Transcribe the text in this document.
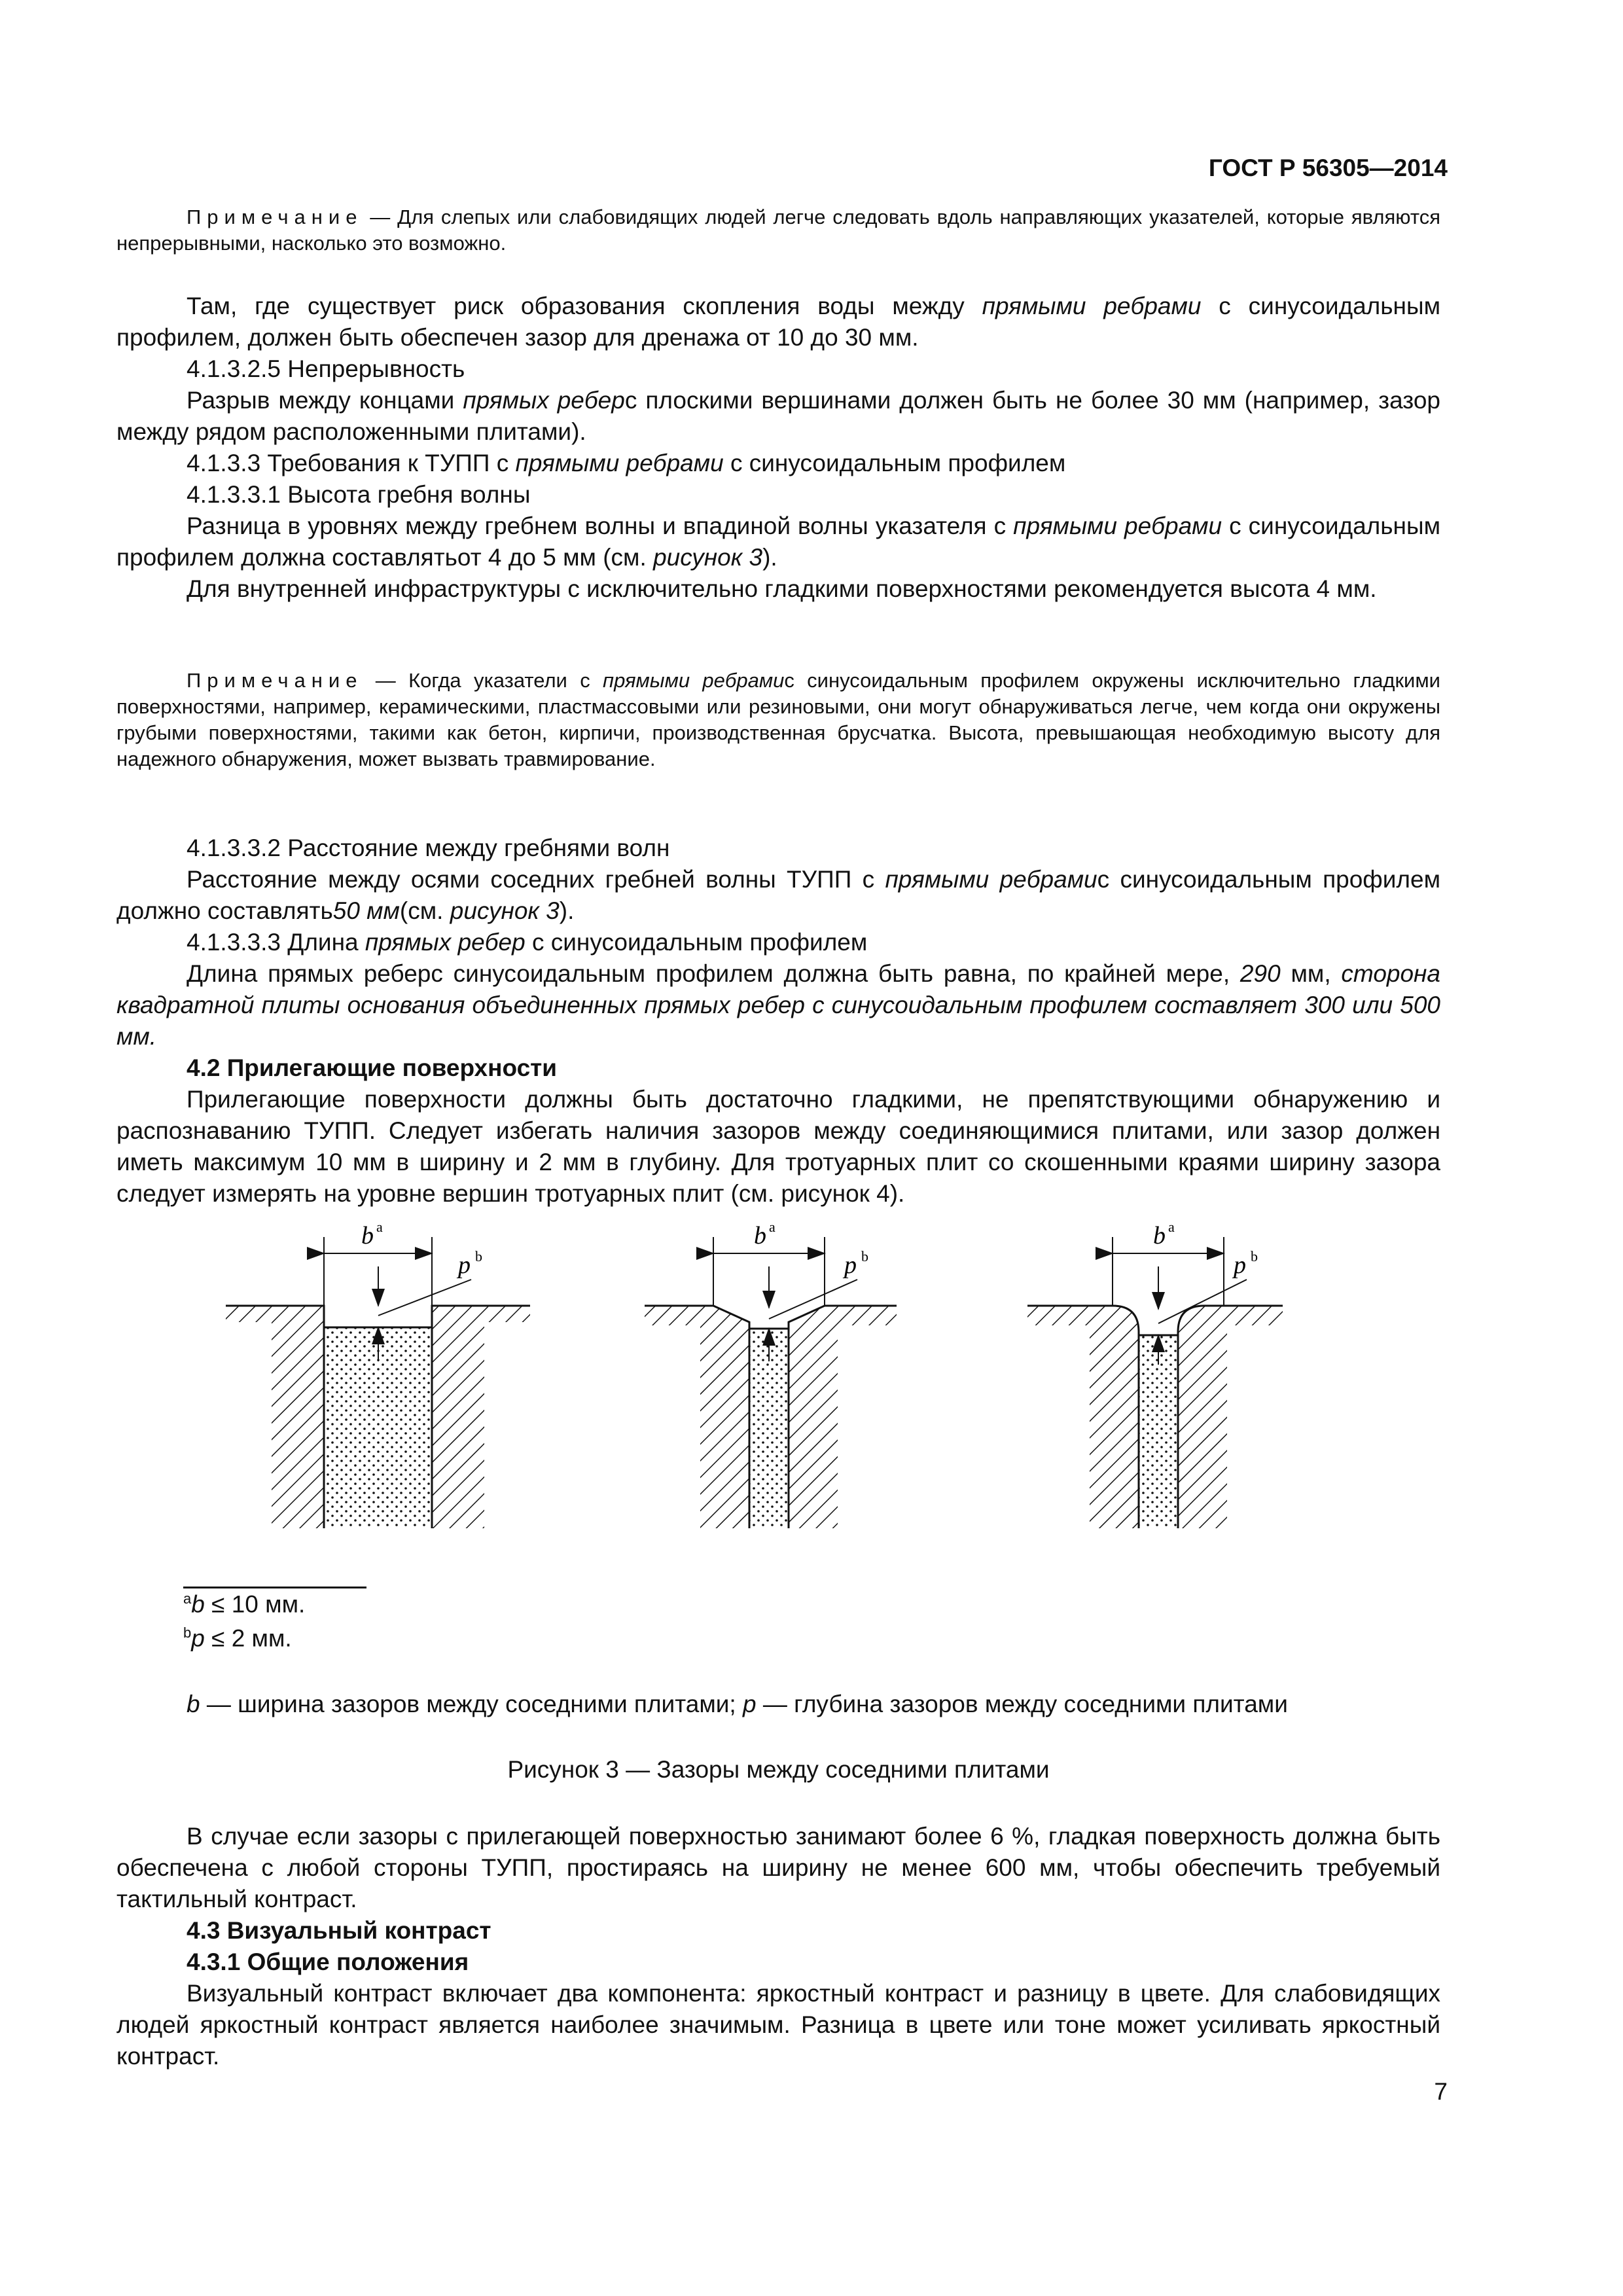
ГОСТ Р 56305—2014

Примечание — Для слепых или слабовидящих людей легче следовать вдоль направляющих указателей, которые являются непрерывными, насколько это возможно.

Там, где существует риск образования скопления воды между прямыми ребрами с синусоидальным профилем, должен быть обеспечен зазор для дренажа от 10 до 30 мм.

4.1.3.2.5 Непрерывность

Разрыв между концами прямых реберс плоскими вершинами должен быть не более 30 мм (например, зазор между рядом расположенными плитами).

4.1.3.3 Требования к ТУПП с прямыми ребрами с синусоидальным профилем

4.1.3.3.1 Высота гребня волны

Разница в уровнях между гребнем волны и впадиной волны указателя с прямыми ребрами с синусоидальным профилем должна составлятьот 4 до 5 мм (см. рисунок 3).

Для внутренней инфраструктуры с исключительно гладкими поверхностями рекомендуется высота 4 мм.

Примечание — Когда указатели с прямыми ребрамис синусоидальным профилем окружены исключительно гладкими поверхностями, например, керамическими, пластмассовыми или резиновыми, они могут обнаруживаться легче, чем когда они окружены грубыми поверхностями, такими как бетон, кирпичи, производственная брусчатка. Высота, превышающая необходимую высоту для надежного обнаружения, может вызвать травмирование.

4.1.3.3.2 Расстояние между гребнями волн

Расстояние между осями соседних гребней волны ТУПП с прямыми ребрамис синусоидальным профилем должно составлять50 мм(см. рисунок 3).

4.1.3.3.3 Длина прямых ребер с синусоидальным профилем

Длина прямых реберс синусоидальным профилем должна быть равна, по крайней мере, 290 мм, сторона квадратной плиты основания объединенных прямых ребер с синусоидальным профилем составляет 300 или 500 мм.

4.2 Прилегающие поверхности

Прилегающие поверхности должны быть достаточно гладкими, не препятствующими обнаружению и распознаванию ТУПП. Следует избегать наличия зазоров между соединяющимися плитами, или зазор должен иметь максимум 10 мм в ширину и 2 мм в глубину. Для тротуарных плит со скошенными краями ширину зазора следует измерять на уровне вершин тротуарных плит (см. рисунок 4).

b a
p b
b a
p b
b a
p b
$^a$b ≤ 10 мм.
$^b$p ≤ 2 мм.

b — ширина зазоров между соседними плитами; p — глубина зазоров между соседними плитами

Рисунок 3 — Зазоры между соседними плитами

В случае если зазоры с прилегающей поверхностью занимают более 6 %, гладкая поверхность должна быть обеспечена с любой стороны ТУПП, простираясь на ширину не менее 600 мм, чтобы обеспечить требуемый тактильный контраст.

4.3 Визуальный контраст

4.3.1 Общие положения

Визуальный контраст включает два компонента: яркостный контраст и разницу в цвете. Для слабовидящих людей яркостный контраст является наиболее значимым. Разница в цвете или тоне может усиливать яркостный контраст.

7
